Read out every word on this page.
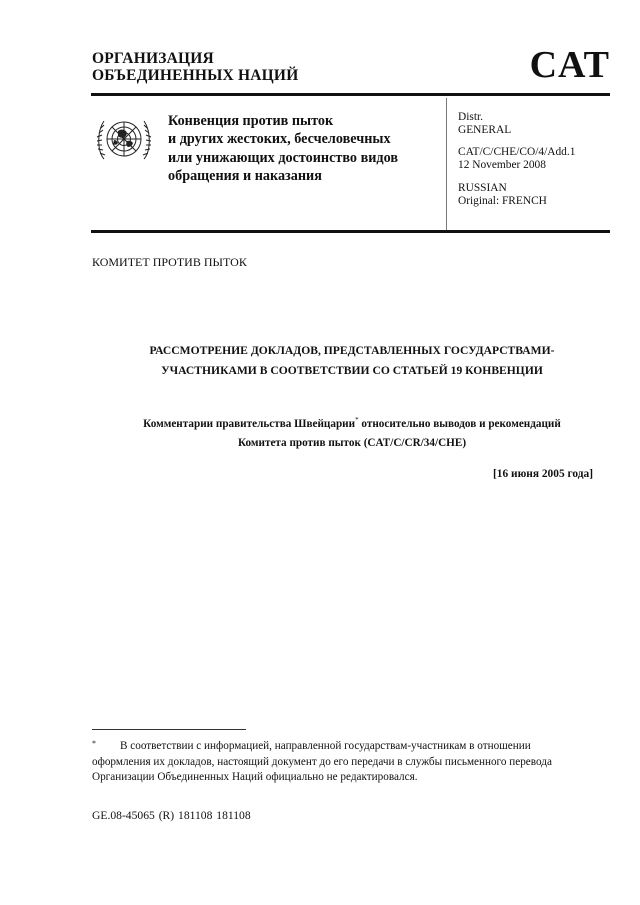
ОРГАНИЗАЦИЯ
ОБЪЕДИНЕННЫХ НАЦИЙ	CAT
Конвенция против пыток
и других жестоких, бесчеловечных
или унижающих достоинство видов
обращения и наказания
Distr.
GENERAL
CAT/C/CHE/CO/4/Add.1
12 November 2008
RUSSIAN
Original: FRENCH
КОМИТЕТ ПРОТИВ ПЫТОК
РАССМОТРЕНИЕ ДОКЛАДОВ, ПРЕДСТАВЛЕННЫХ ГОСУДАРСТВАМИ-
УЧАСТНИКАМИ В СООТВЕТСТВИИ СО СТАТЬЕЙ 19 КОНВЕНЦИИ
Комментарии правительства Швейцарии* относительно выводов и рекомендаций
Комитета против пыток (CAT/C/CR/34/CHE)
[16 июня 2005 года]
*	В соответствии с информацией, направленной государствам-участникам в отношении оформления их докладов, настоящий документ до его передачи в службы письменного перевода Организации Объединенных Наций официально не редактировался.
GE.08-45065 (R) 181108 181108
